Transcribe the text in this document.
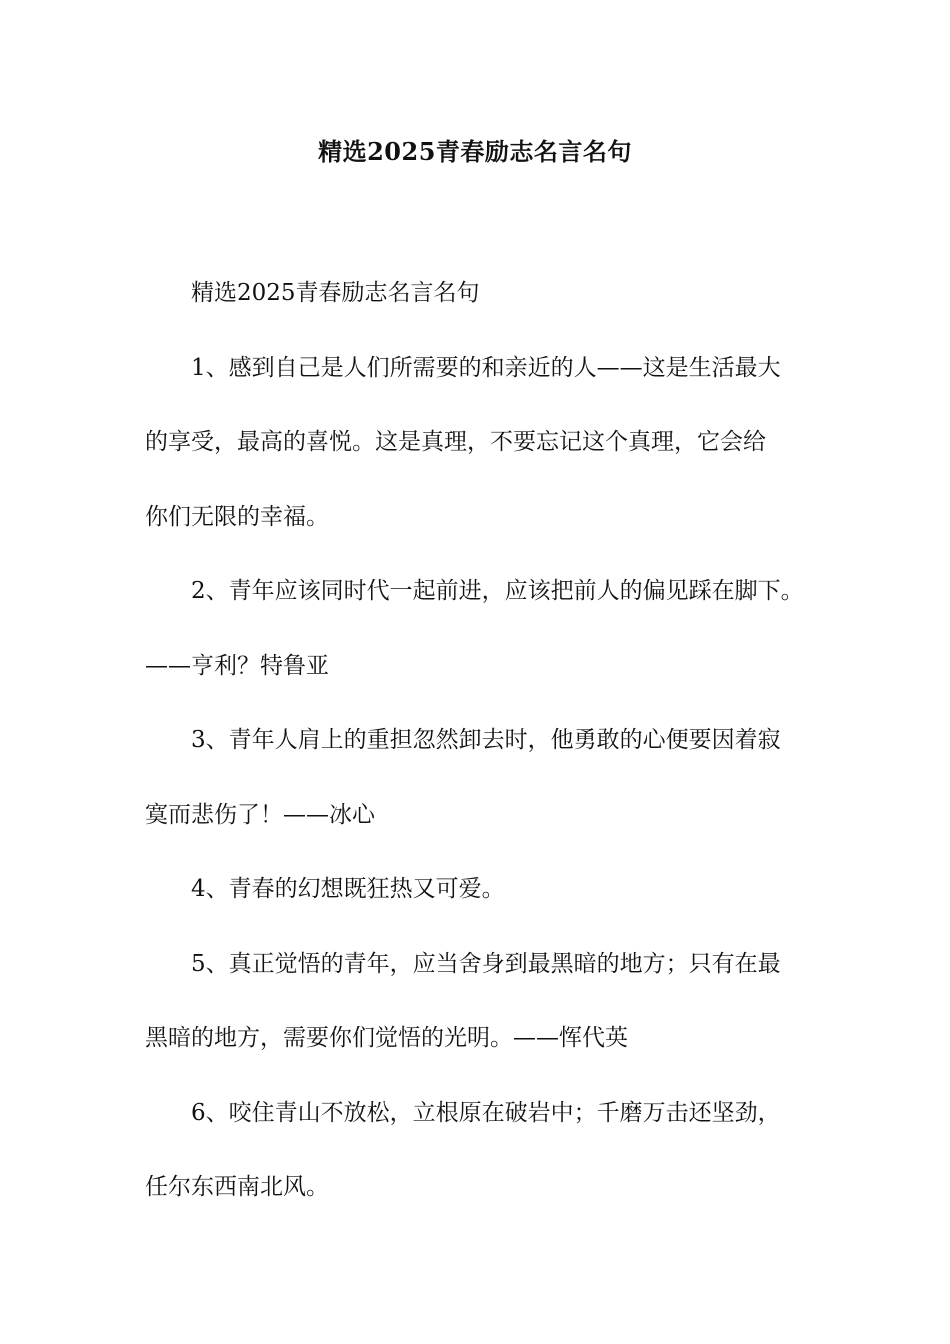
精选2025青春励志名言名句

精选2025青春励志名言名句

1、感到自己是人们所需要的和亲近的人——这是生活最大
的享受，最高的喜悦。这是真理，不要忘记这个真理，它会给
你们无限的幸福。

2、青年应该同时代一起前进，应该把前人的偏见踩在脚下。
——亨利？特鲁亚

3、青年人肩上的重担忽然卸去时，他勇敢的心便要因着寂
寞而悲伤了！——冰心

4、青春的幻想既狂热又可爱。

5、真正觉悟的青年，应当舍身到最黑暗的地方；只有在最
黑暗的地方，需要你们觉悟的光明。——恽代英

6、咬住青山不放松，立根原在破岩中；千磨万击还坚劲，
任尔东西南北风。
